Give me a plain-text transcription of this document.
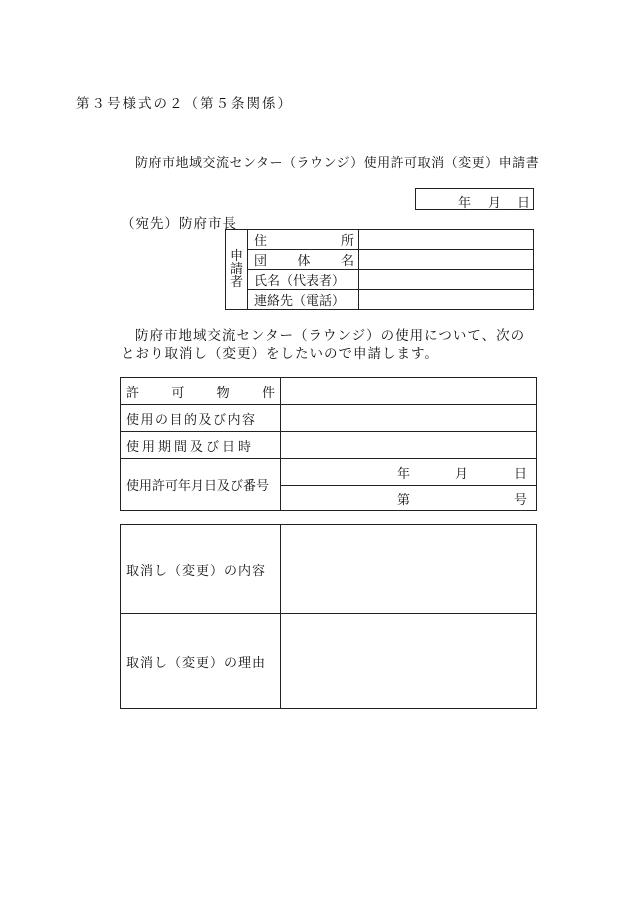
第３号様式の２（第５条関係）
防府市地域交流センター（ラウンジ）使用許可取消（変更）申請書
年 月 日
（宛先）防府市長
申
請
者	住 所	

	団 体 名	

	氏名（代表者）	
	連絡先（電話）	
防府市地域交流センター（ラウンジ）の使用について、次のとおり取消し（変更）をしたいので申請します。
許 可 物 件	

使用の目的及び内容	
使用期間及び日時	
使用許可年月日及び番号	年 月 日
第 号
取消し（変更）の内容	
取消し（変更）の理由	
